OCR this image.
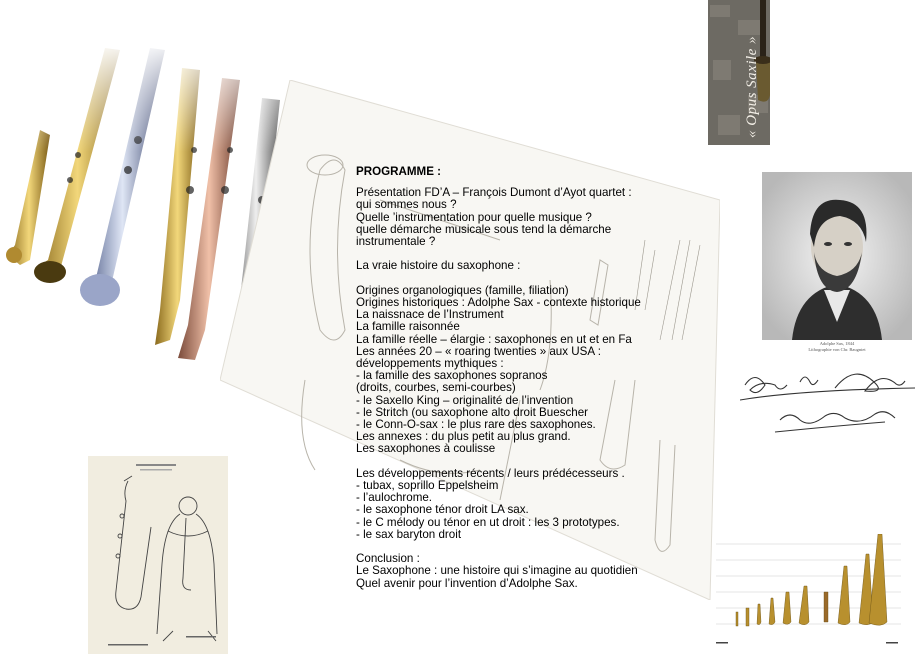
« Opus Saxile »
Adolphe Sax, 1844
Lithographie von Chr. Baugniet
PROGRAMME :
Présentation FD’A – François Dumont d’Ayot quartet :
qui sommes nous ?
Quelle ’instrumentation pour quelle musique ?
quelle démarche musicale sous tend la démarche
instrumentale ?
La vraie histoire du saxophone :
Origines organologiques (famille, filiation)
Origines historiques : Adolphe Sax - contexte historique
La naissnace de l’Instrument
La famille raisonnée
La famille réelle – élargie : saxophones en ut et en Fa
Les années 20 – « roaring twenties » aux USA :
développements mythiques :
- la famille des saxophones sopranos
(droits, courbes, semi-courbes)
- le Saxello King – originalité de l’invention
- le Stritch (ou saxophone alto droit Buescher
- le Conn-O-sax : le plus rare des saxophones.
Les annexes : du plus petit au plus grand.
Les saxophones à coulisse
Les développements récents / leurs prédécesseurs .
- tubax, soprillo Eppelsheim
- l’aulochrome.
- le saxophone ténor droit LA sax.
- le C mélody ou ténor en ut droit : les 3 prototypes.
- le sax baryton droit
Conclusion :
Le Saxophone : une histoire qui s’imagine au quotidien
Quel avenir pour l’invention d’Adolphe Sax.
